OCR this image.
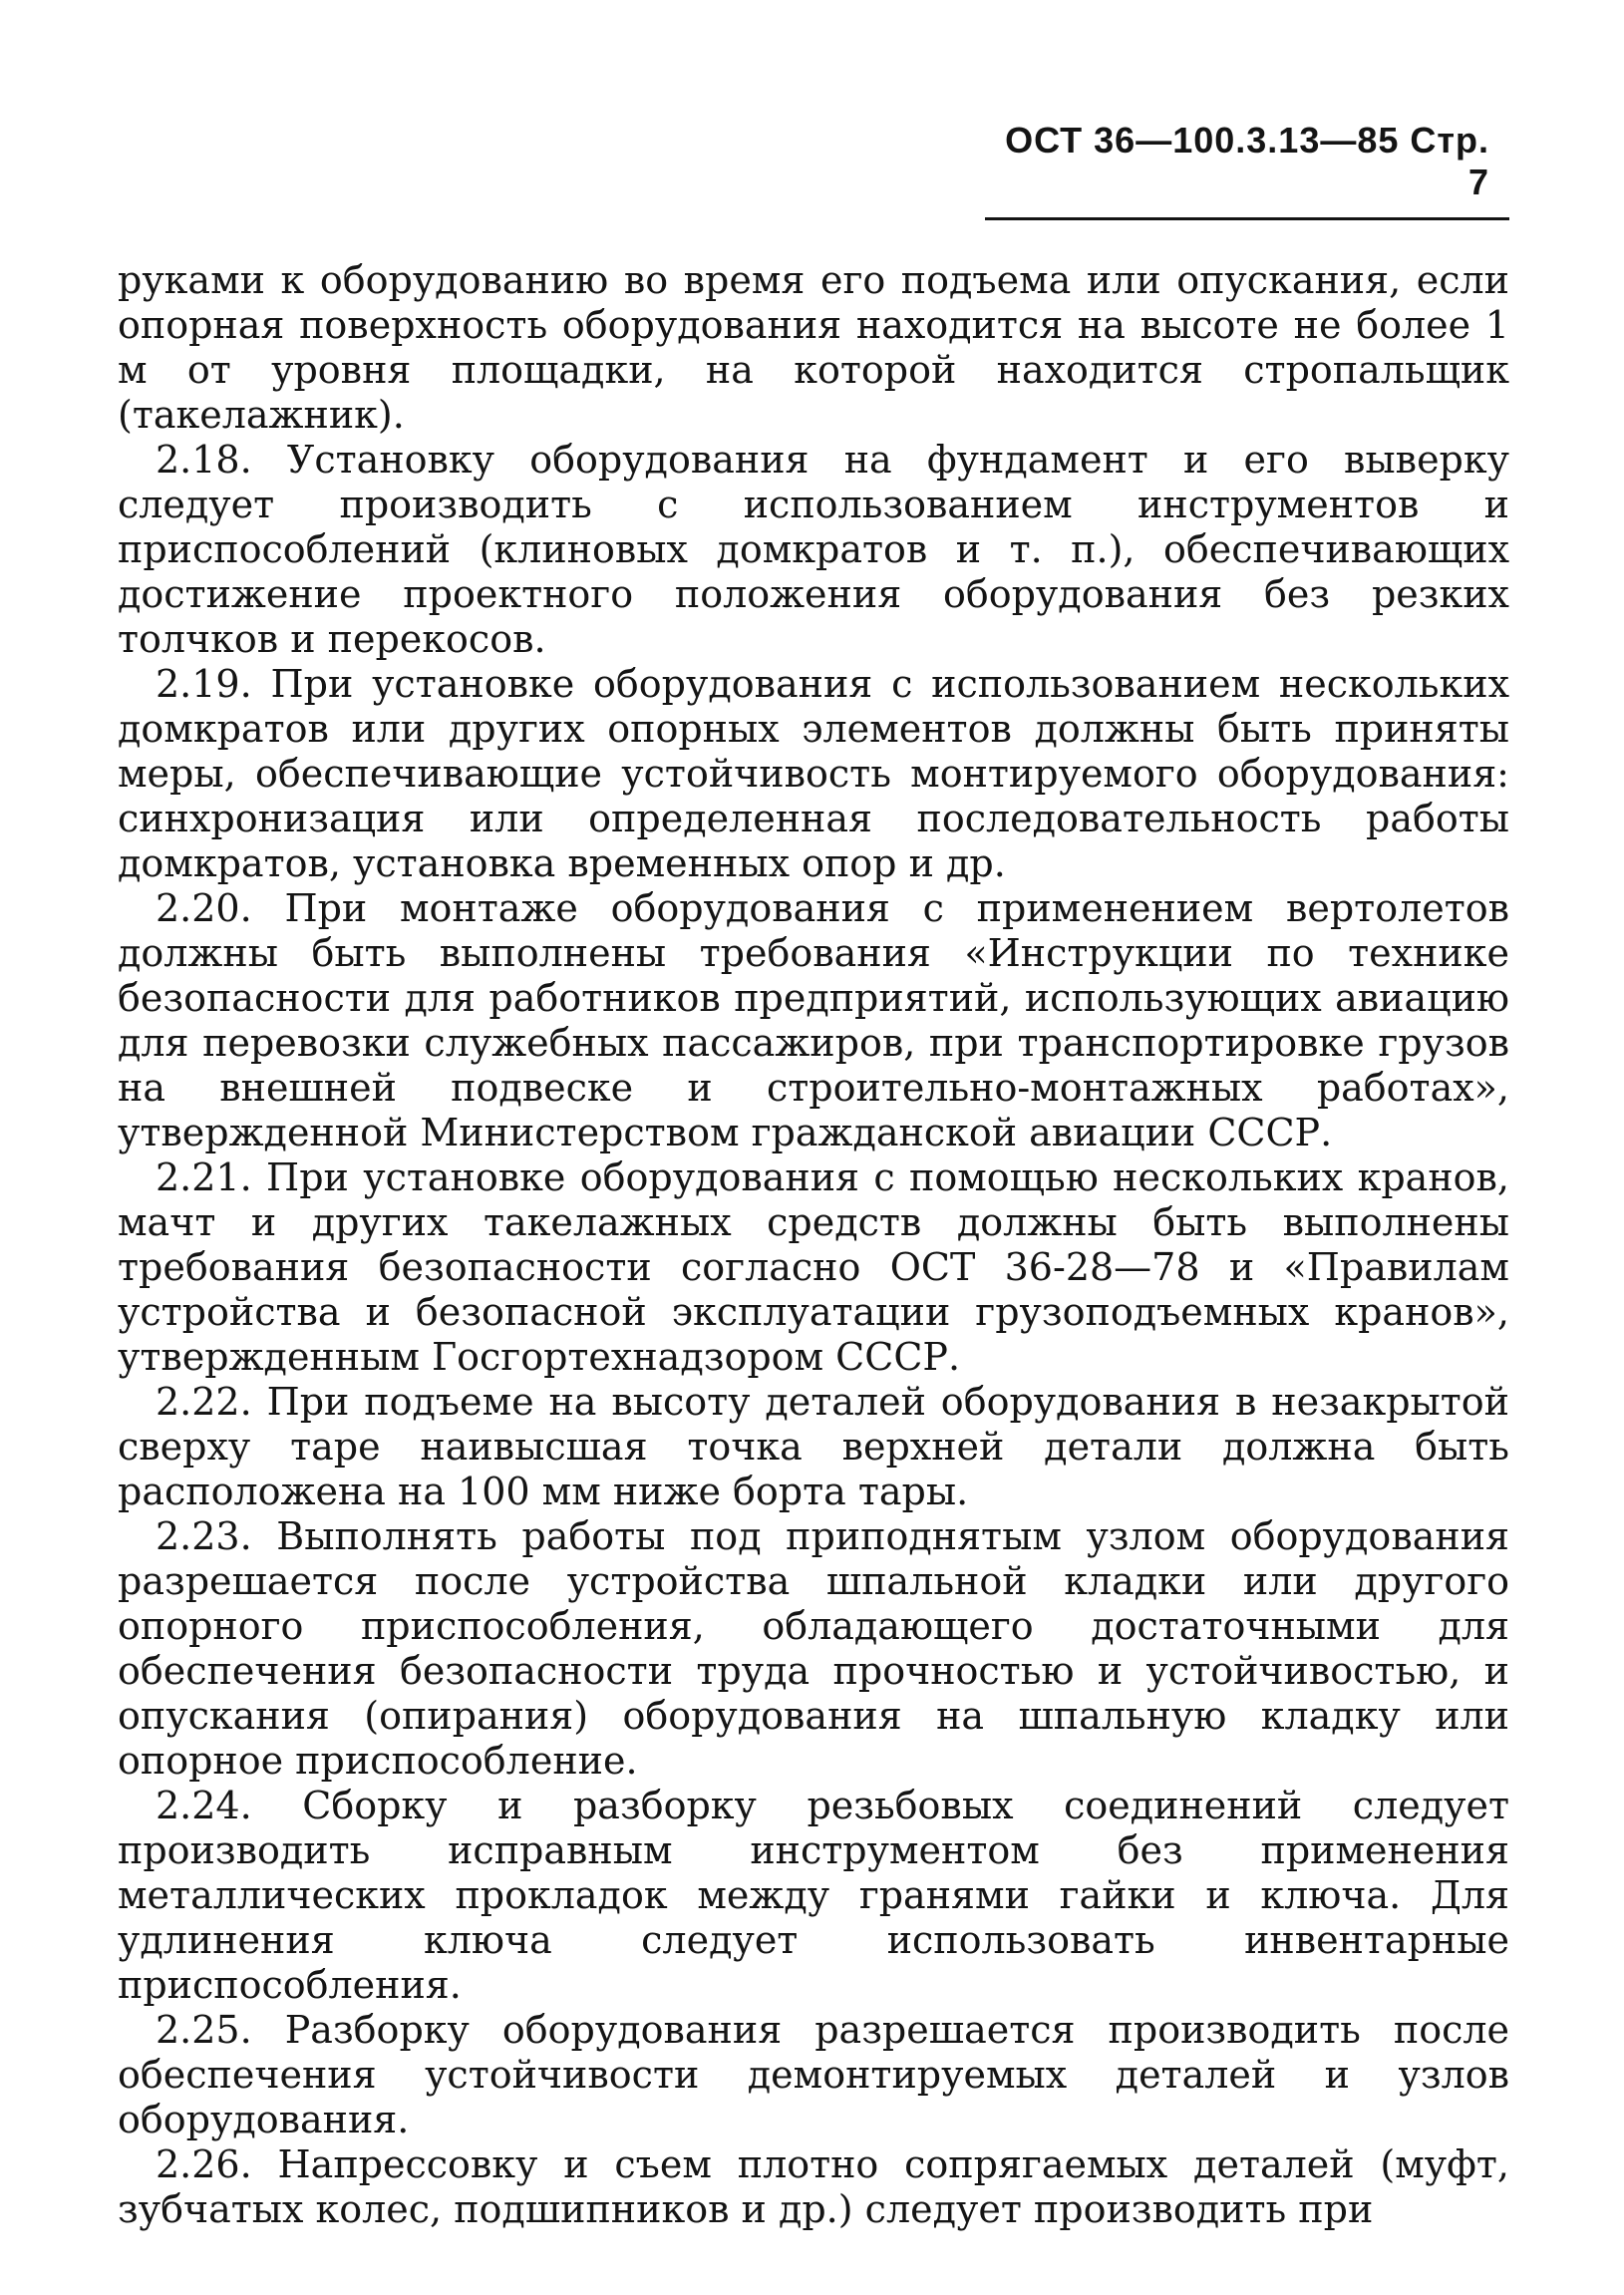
ОСТ 36—100.3.13—85 Стр. 7

руками к оборудованию во время его подъема или опускания, если опорная поверхность оборудования находится на высоте не более 1 м от уровня площадки, на которой находится стропальщик (такелажник).

2.18. Установку оборудования на фундамент и его выверку следует производить с использованием инструментов и приспособлений (клиновых домкратов и т. п.), обеспечивающих достижение проектного положения оборудования без резких толчков и перекосов.

2.19. При установке оборудования с использованием нескольких домкратов или других опорных элементов должны быть приняты меры, обеспечивающие устойчивость монтируемого оборудования: синхронизация или определенная последовательность работы домкратов, установка временных опор и др.

2.20. При монтаже оборудования с применением вертолетов должны быть выполнены требования «Инструкции по технике безопасности для работников предприятий, использующих авиацию для перевозки служебных пассажиров, при транспортировке грузов на внешней подвеске и строительно-монтажных работах», утвержденной Министерством гражданской авиации СССР.

2.21. При установке оборудования с помощью нескольких кранов, мачт и других такелажных средств должны быть выполнены требования безопасности согласно ОСТ 36-28—78 и «Правилам устройства и безопасной эксплуатации грузоподъемных кранов», утвержденным Госгортехнадзором СССР.

2.22. При подъеме на высоту деталей оборудования в незакрытой сверху таре наивысшая точка верхней детали должна быть расположена на 100 мм ниже борта тары.

2.23. Выполнять работы под приподнятым узлом оборудования разрешается после устройства шпальной кладки или другого опорного приспособления, обладающего достаточными для обеспечения безопасности труда прочностью и устойчивостью, и опускания (опирания) оборудования на шпальную кладку или опорное приспособление.

2.24. Сборку и разборку резьбовых соединений следует производить исправным инструментом без применения металлических прокладок между гранями гайки и ключа. Для удлинения ключа следует использовать инвентарные приспособления.

2.25. Разборку оборудования разрешается производить после обеспечения устойчивости демонтируемых деталей и узлов оборудования.

2.26. Напрессовку и съем плотно сопрягаемых деталей (муфт, зубчатых колес, подшипников и др.) следует производить при
